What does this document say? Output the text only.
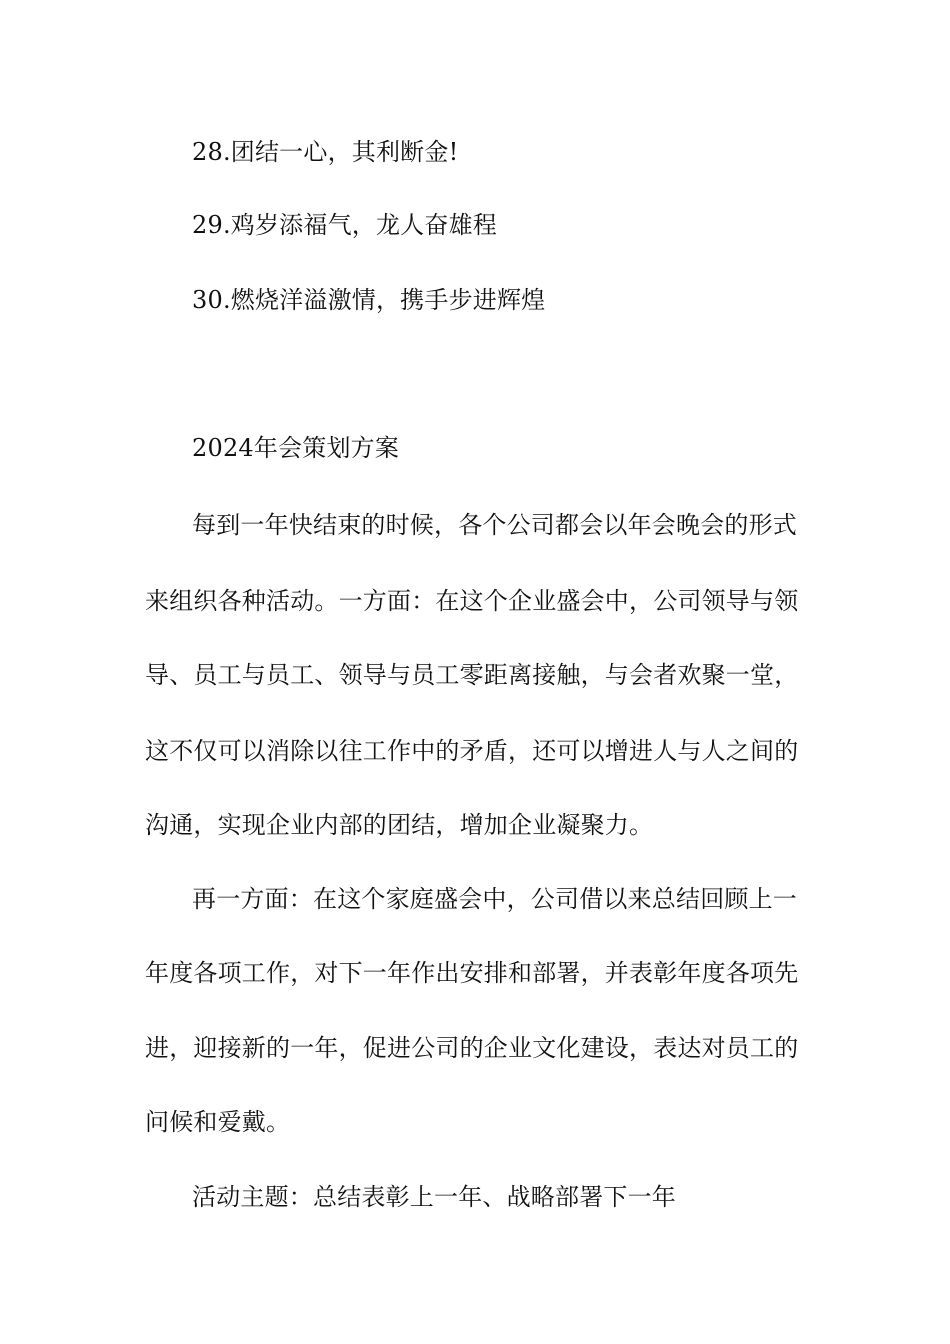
28.团结一心，其利断金!
29.鸡岁添福气，龙人奋雄程
30.燃烧洋溢激情，携手步进辉煌
2024年会策划方案
每到一年快结束的时候，各个公司都会以年会晚会的形式
来组织各种活动。一方面：在这个企业盛会中，公司领导与领
导、员工与员工、领导与员工零距离接触，与会者欢聚一堂，
这不仅可以消除以往工作中的矛盾，还可以增进人与人之间的
沟通，实现企业内部的团结，增加企业凝聚力。
再一方面：在这个家庭盛会中，公司借以来总结回顾上一
年度各项工作，对下一年作出安排和部署，并表彰年度各项先
进，迎接新的一年，促进公司的企业文化建设，表达对员工的
问候和爱戴。
活动主题：总结表彰上一年、战略部署下一年
